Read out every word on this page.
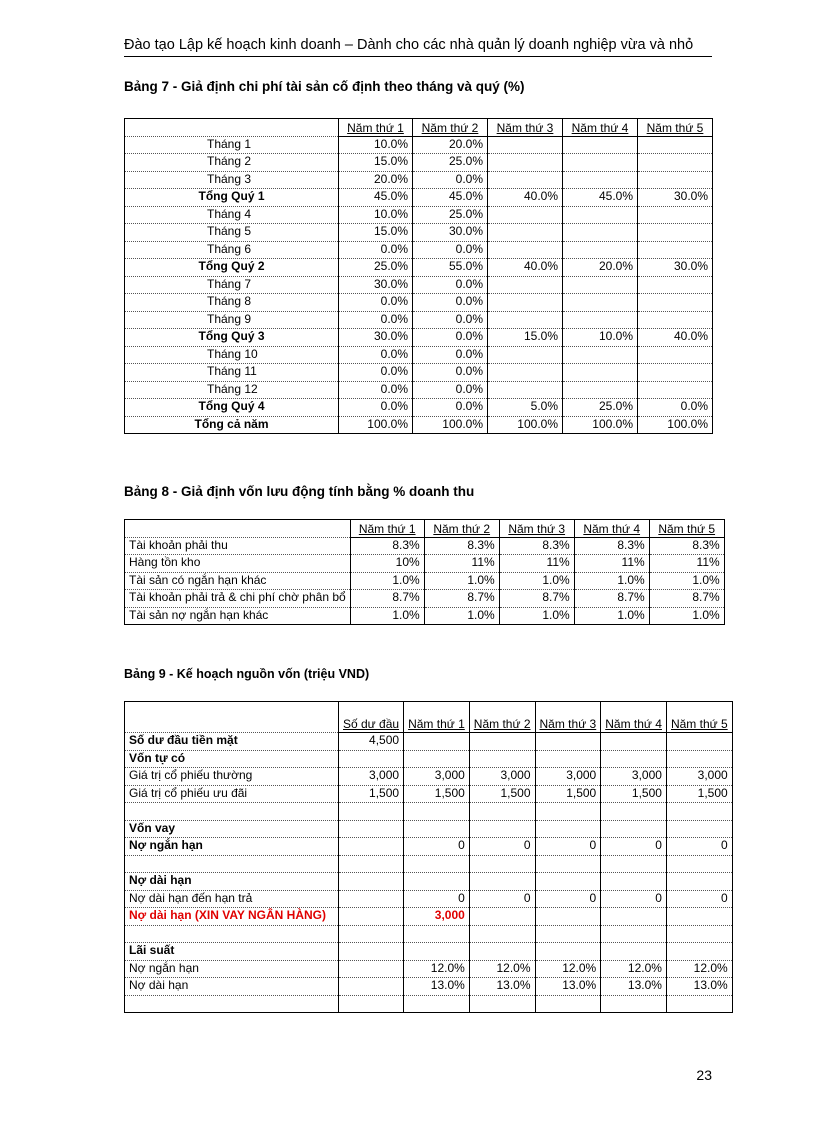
Đào tạo Lập kế hoạch kinh doanh – Dành cho các nhà quản lý doanh nghiệp vừa và nhỏ
Bảng 7 - Giả định chi phí tài sản cố định theo tháng và quý (%)
	Năm thứ 1	Năm thứ 2	Năm thứ 3	Năm thứ 4	Năm thứ 5
Tháng 1	10.0%	20.0%			
Tháng 2	15.0%	25.0%			
Tháng 3	20.0%	0.0%			
Tổng Quý 1	45.0%	45.0%	40.0%	45.0%	30.0%
Tháng 4	10.0%	25.0%			
Tháng 5	15.0%	30.0%			
Tháng 6	0.0%	0.0%			
Tổng Quý 2	25.0%	55.0%	40.0%	20.0%	30.0%
Tháng 7	30.0%	0.0%			
Tháng 8	0.0%	0.0%			
Tháng 9	0.0%	0.0%			
Tổng Quý 3	30.0%	0.0%	15.0%	10.0%	40.0%
Tháng 10	0.0%	0.0%			
Tháng 11	0.0%	0.0%			
Tháng 12	0.0%	0.0%			
Tổng Quý 4	0.0%	0.0%	5.0%	25.0%	0.0%
Tổng cả năm	100.0%	100.0%	100.0%	100.0%	100.0%
Bảng 8 - Giả định vốn lưu động tính bằng % doanh thu
	Năm thứ 1	Năm thứ 2	Năm thứ 3	Năm thứ 4	Năm thứ 5
Tài khoản phải thu	8.3%	8.3%	8.3%	8.3%	8.3%
Hàng tồn kho	10%	11%	11%	11%	11%
Tài sản có ngắn hạn khác	1.0%	1.0%	1.0%	1.0%	1.0%
Tài khoản phải trả & chi phí chờ phân bổ	8.7%	8.7%	8.7%	8.7%	8.7%
Tài sản nợ ngắn hạn khác	1.0%	1.0%	1.0%	1.0%	1.0%
Bảng 9 - Kế hoạch nguồn vốn (triệu VND)
	Số dư đầu	Năm thứ 1	Năm thứ 2	Năm thứ 3	Năm thứ 4	Năm thứ 5
Số dư đầu tiền mặt	4,500					
Vốn tự có						
Giá trị cổ phiếu thường	3,000	3,000	3,000	3,000	3,000	3,000
Giá trị cổ phiếu ưu đãi	1,500	1,500	1,500	1,500	1,500	1,500

Vốn vay						
Nợ ngắn hạn		0	0	0	0	0

Nợ dài hạn						
Nợ dài hạn đến hạn trả		0	0	0	0	0
Nợ dài hạn (XIN VAY NGÂN HÀNG)		3,000				

Lãi suất						
Nợ ngắn hạn		12.0%	12.0%	12.0%	12.0%	12.0%
Nợ dài hạn		13.0%	13.0%	13.0%	13.0%	13.0%

23
